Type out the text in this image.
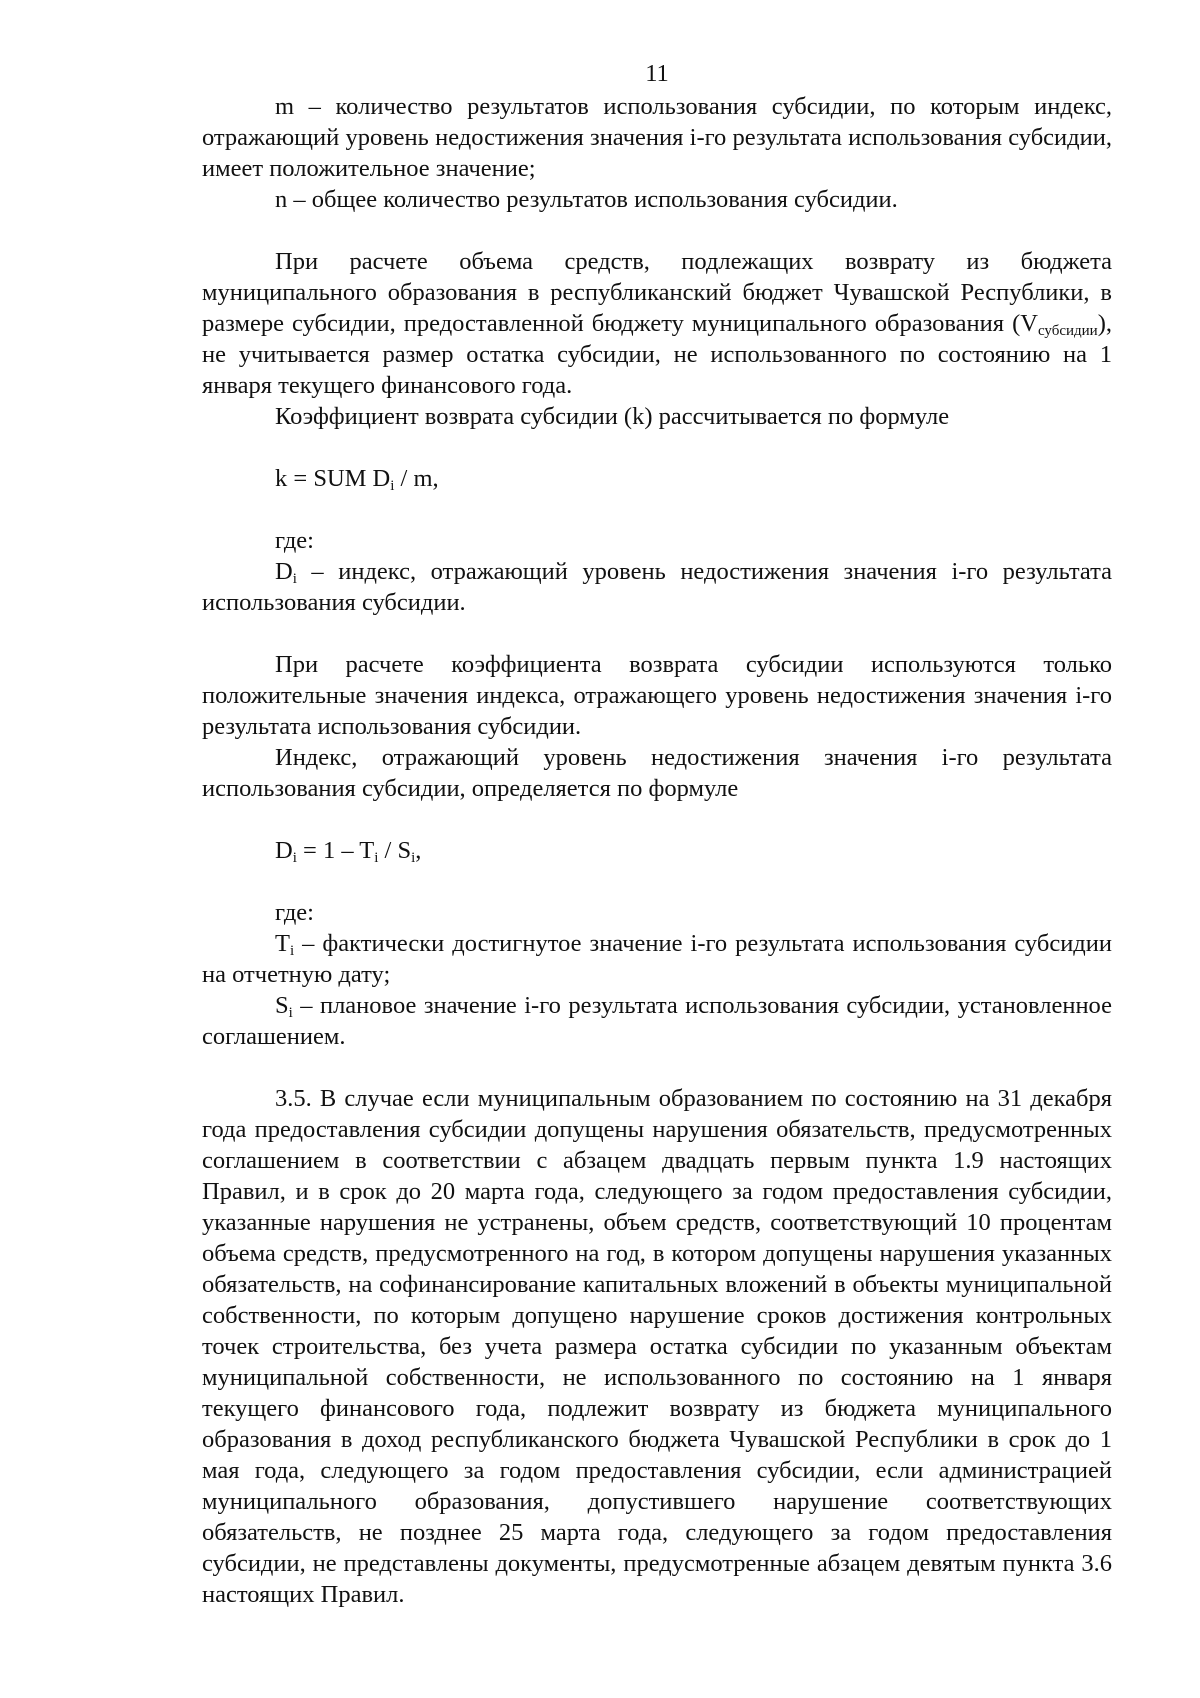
11

m – количество результатов использования субсидии, по которым индекс, отражающий уровень недостижения значения i-го результата использования субсидии, имеет положительное значение;

n – общее количество результатов использования субсидии.

При расчете объема средств, подлежащих возврату из бюджета муниципального образования в республиканский бюджет Чувашской Республики, в размере субсидии, предоставленной бюджету муниципального образования $(V_{субсидии})$, не учитывается размер остатка субсидии, не использованного по состоянию на 1 января текущего финансового года.

Коэффициент возврата субсидии (k) рассчитывается по формуле

k = SUM $D_i$ / m,

где:

$D_i$ – индекс, отражающий уровень недостижения значения i-го результата использования субсидии.

При расчете коэффициента возврата субсидии используются только положительные значения индекса, отражающего уровень недостижения значения i-го результата использования субсидии.

Индекс, отражающий уровень недостижения значения i-го результата использования субсидии, определяется по формуле

$D_i = 1 - T_i / S_i$,

где:

$T_i$ – фактически достигнутое значение i-го результата использования субсидии на отчетную дату;

$S_i$ – плановое значение i-го результата использования субсидии, установленное соглашением.

3.5. В случае если муниципальным образованием по состоянию на 31 декабря года предоставления субсидии допущены нарушения обязательств, предусмотренных соглашением в соответствии с абзацем двадцать первым пункта 1.9 настоящих Правил, и в срок до 20 марта года, следующего за годом предоставления субсидии, указанные нарушения не устранены, объем средств, соответствующий 10 процентам объема средств, предусмотренного на год, в котором допущены нарушения указанных обязательств, на софинансирование капитальных вложений в объекты муниципальной собственности, по которым допущено нарушение сроков достижения контрольных точек строительства, без учета размера остатка субсидии по указанным объектам муниципальной собственности, не использованного по состоянию на 1 января текущего финансового года, подлежит возврату из бюджета муниципального образования в доход республиканского бюджета Чувашской Республики в срок до 1 мая года, следующего за годом предоставления субсидии, если администрацией муниципального образования, допустившего нарушение соответствующих обязательств, не позднее 25 марта года, следующего за годом предоставления субсидии, не представлены документы, предусмотренные абзацем девятым пункта 3.6 настоящих Правил.
